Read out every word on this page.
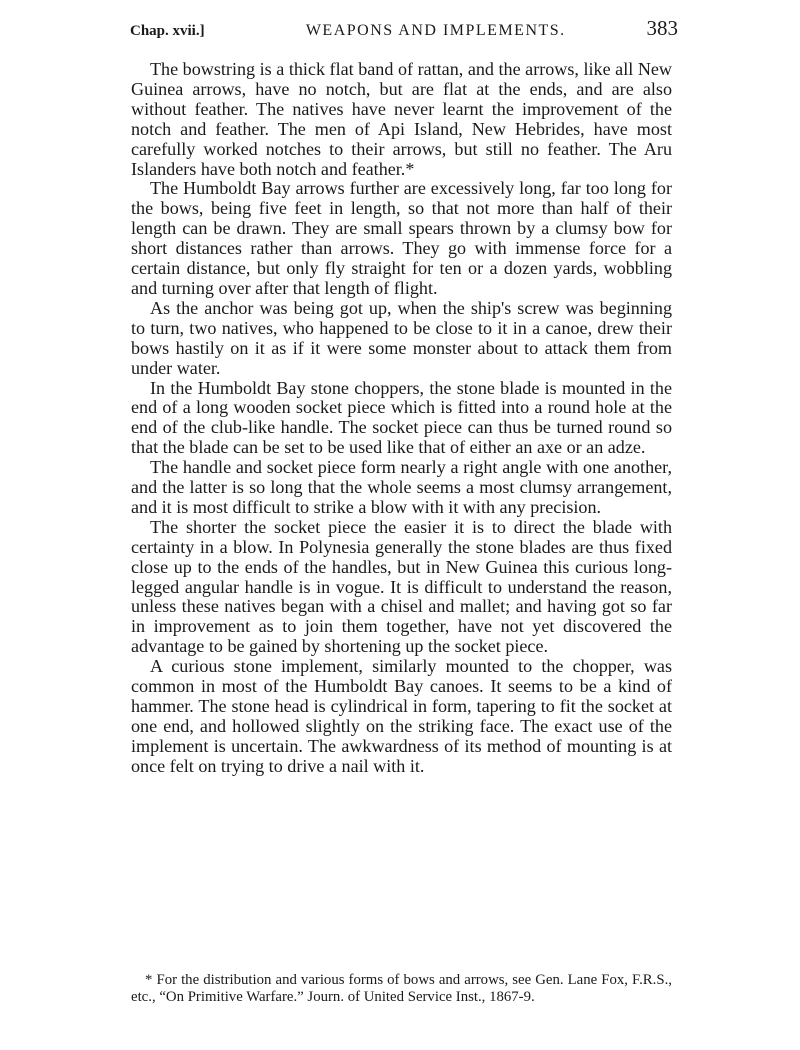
Chap. xvii.]	WEAPONS AND IMPLEMENTS.	383

The bowstring is a thick flat band of rattan, and the arrows, like all New Guinea arrows, have no notch, but are flat at the ends, and are also without feather. The natives have never learnt the improvement of the notch and feather. The men of Api Island, New Hebrides, have most carefully worked notches to their arrows, but still no feather. The Aru Islanders have both notch and feather.*

The Humboldt Bay arrows further are excessively long, far too long for the bows, being five feet in length, so that not more than half of their length can be drawn. They are small spears thrown by a clumsy bow for short distances rather than arrows. They go with immense force for a certain distance, but only fly straight for ten or a dozen yards, wobbling and turning over after that length of flight.

As the anchor was being got up, when the ship's screw was beginning to turn, two natives, who happened to be close to it in a canoe, drew their bows hastily on it as if it were some monster about to attack them from under water.

In the Humboldt Bay stone choppers, the stone blade is mounted in the end of a long wooden socket piece which is fitted into a round hole at the end of the club-like handle. The socket piece can thus be turned round so that the blade can be set to be used like that of either an axe or an adze.

The handle and socket piece form nearly a right angle with one another, and the latter is so long that the whole seems a most clumsy arrangement, and it is most difficult to strike a blow with it with any precision.

The shorter the socket piece the easier it is to direct the blade with certainty in a blow. In Polynesia generally the stone blades are thus fixed close up to the ends of the handles, but in New Guinea this curious long-legged angular handle is in vogue. It is difficult to understand the reason, unless these natives began with a chisel and mallet; and having got so far in improvement as to join them together, have not yet discovered the advantage to be gained by shortening up the socket piece.

A curious stone implement, similarly mounted to the chopper, was common in most of the Humboldt Bay canoes. It seems to be a kind of hammer. The stone head is cylindrical in form, tapering to fit the socket at one end, and hollowed slightly on the striking face. The exact use of the implement is uncertain. The awkwardness of its method of mounting is at once felt on trying to drive a nail with it.

* For the distribution and various forms of bows and arrows, see Gen. Lane Fox, F.R.S., etc., “On Primitive Warfare.” Journ. of United Service Inst., 1867-9.
